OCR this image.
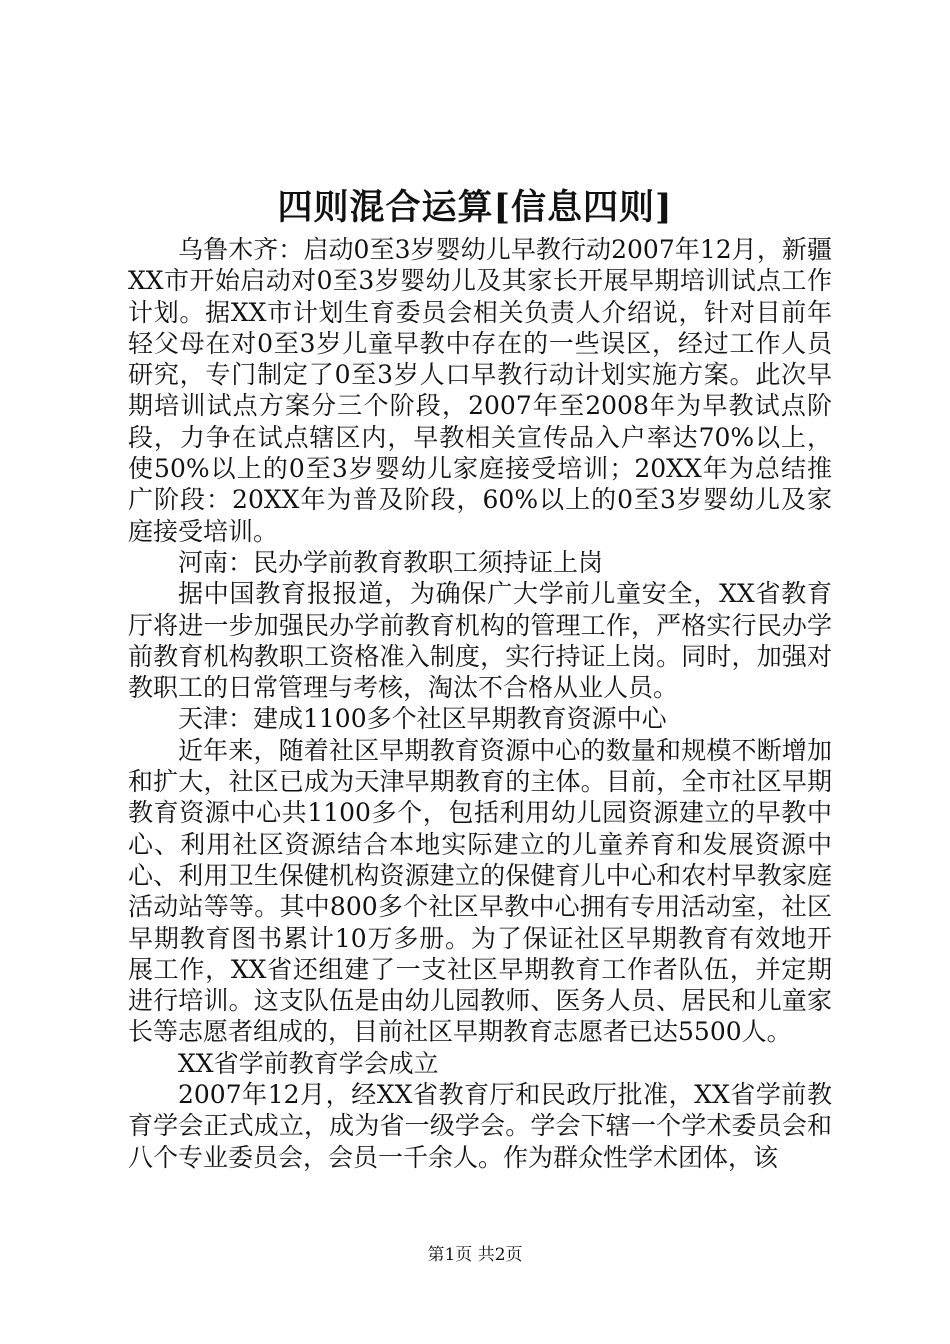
四则混合运算[信息四则]

乌鲁木齐：启动0至3岁婴幼儿早教行动2007年12月，新疆XX市开始启动对0至3岁婴幼儿及其家长开展早期培训试点工作计划。据XX市计划生育委员会相关负责人介绍说，针对目前年轻父母在对0至3岁儿童早教中存在的一些误区，经过工作人员研究，专门制定了0至3岁人口早教行动计划实施方案。此次早期培训试点方案分三个阶段，2007年至2008年为早教试点阶段，力争在试点辖区内，早教相关宣传品入户率达70%以上，使50%以上的0至3岁婴幼儿家庭接受培训；20XX年为总结推广阶段：20XX年为普及阶段，60%以上的0至3岁婴幼儿及家庭接受培训。

河南：民办学前教育教职工须持证上岗

据中国教育报报道，为确保广大学前儿童安全，XX省教育厅将进一步加强民办学前教育机构的管理工作，严格实行民办学前教育机构教职工资格准入制度，实行持证上岗。同时，加强对教职工的日常管理与考核，淘汰不合格从业人员。

天津：建成1100多个社区早期教育资源中心

近年来，随着社区早期教育资源中心的数量和规模不断增加和扩大，社区已成为天津早期教育的主体。目前，全市社区早期教育资源中心共1100多个，包括利用幼儿园资源建立的早教中心、利用社区资源结合本地实际建立的儿童养育和发展资源中心、利用卫生保健机构资源建立的保健育儿中心和农村早教家庭活动站等等。其中800多个社区早教中心拥有专用活动室，社区早期教育图书累计10万多册。为了保证社区早期教育有效地开展工作，XX省还组建了一支社区早期教育工作者队伍，并定期进行培训。这支队伍是由幼儿园教师、医务人员、居民和儿童家长等志愿者组成的，目前社区早期教育志愿者已达5500人。

XX省学前教育学会成立

2007年12月，经XX省教育厅和民政厅批准，XX省学前教育学会正式成立，成为省一级学会。学会下辖一个学术委员会和八个专业委员会，会员一千余人。作为群众性学术团体，该

第1页 共2页
